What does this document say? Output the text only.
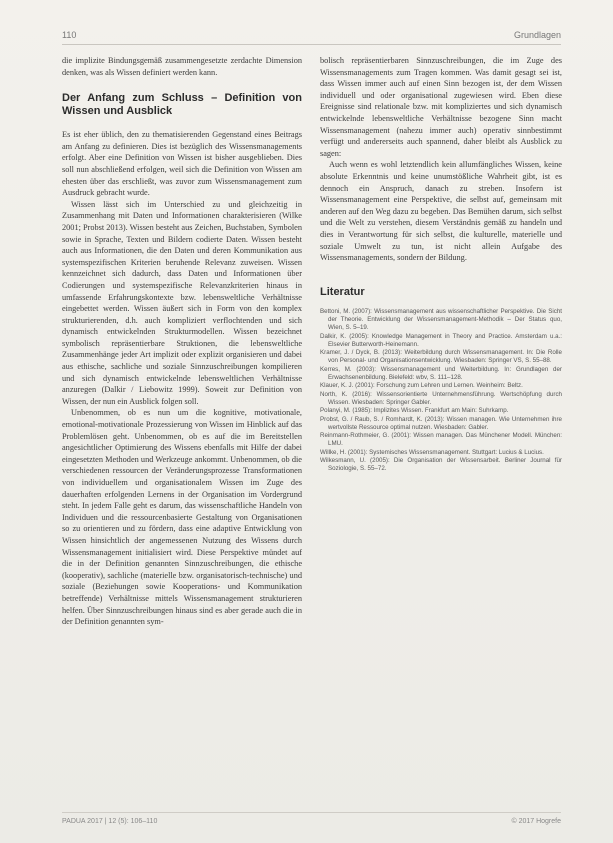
110	Grundlagen

die implizite Bindungsgemäß zusammengesetzte zerdachte Dimension denken, was als Wissen definiert werden kann.

Der Anfang zum Schluss – Definition von Wissen und Ausblick

Es ist eher üblich, den zu thematisierenden Gegenstand eines Beitrags am Anfang zu definieren. Dies ist bezüglich des Wissensmanagements erfolgt. Aber eine Definition von Wissen ist bisher ausgeblieben. Dies soll nun abschließend erfolgen, weil sich die Definition von Wissen am ehesten über das erschließt, was zuvor zum Wissensmanagement zum Ausdruck gebracht wurde.

Wissen lässt sich im Unterschied zu und gleichzeitig in Zusammenhang mit Daten und Informationen charakterisieren (Wilke 2001; Probst 2013). Wissen besteht aus Zeichen, Buchstaben, Symbolen sowie in Sprache, Texten und Bildern codierte Daten. Wissen besteht auch aus Informationen, die den Daten und deren Kommunikation aus systemspezifischen Kriterien beruhende Relevanz zuweisen. Wissen kennzeichnet sich dadurch, dass Daten und Informationen über Codierungen und systemspezifische Relevanzkriterien hinaus in umfassende Erfahrungskontexte bzw. lebensweltliche Verhältnisse eingebettet werden. Wissen äußert sich in Form von den komplex strukturierenden, d.h. auch kompliziert verflochtenden und sich dynamisch entwickelnden Strukturmodellen. Wissen bezeichnet symbolisch repräsentierbare Struktionen, die lebensweltliche Zusammenhänge jeder Art implizit oder explizit organisieren und dabei aus ethische, sachliche und soziale Sinnzuschreibungen kompilieren und sich dynamisch entwickelnde lebensweltlichen Verhältnisse anzuregen (Dalkir / Liebowitz 1999). Soweit zur Definition von Wissen, der nun ein Ausblick folgen soll.

Unbenommen, ob es nun um die kognitive, motivationale, emotional-motivationale Prozessierung von Wissen im Hinblick auf das Problemlösen geht. Unbenommen, ob es auf die im Bereitstellen angesichtlicher Optimierung des Wissens ebenfalls mit Hilfe der dabei eingesetzten Methoden und Werkzeuge ankommt. Unbenommen, ob die verschiedenen ressourcen der Veränderungsprozesse Transformationen von individuellem und organisationalem Wissen im Zuge des dauerhaften erfolgenden Lernens in der Organisation im Vordergrund steht. In jedem Falle geht es darum, das wissenschaftliche Handeln von Individuen und die ressourcenbasierte Gestaltung von Organisationen so zu orientieren und zu fördern, dass eine adaptive Entwicklung von Wissen hinsichtlich der angemessenen Nutzung des Wissens durch Wissensmanagement initialisiert wird. Diese Perspektive mündet auf die in der Definition genannten Sinnzuschreibungen, die ethische (kooperativ), sachliche (materielle bzw. organisatorisch-technische) und soziale (Beziehungen sowie Kooperations- und Kommunikation betreffende) Verhältnisse mittels Wissensmanagement strukturieren helfen. Über Sinnzuschreibungen hinaus sind es aber gerade auch die in der Definition genannten sym-

bolisch repräsentierbaren Sinnzuschreibungen, die im Zuge des Wissensmanagements zum Tragen kommen. Was damit gesagt sei ist, dass Wissen immer auch auf einen Sinn bezogen ist, der dem Wissen individuell und oder organisational zugewiesen wird. Eben diese Ereignisse sind relationale bzw. mit kompliziertes und sich dynamisch entwickelnde lebensweltliche Verhältnisse bezogene Sinn macht Wissensmanagement (nahezu immer auch) operativ sinnbestimmt verfügt und andererseits auch spannend, daher bleibt als Ausblick zu sagen:

Auch wenn es wohl letztendlich kein allumfängliches Wissen, keine absolute Erkenntnis und keine unumstößliche Wahrheit gibt, ist es dennoch ein Anspruch, danach zu streben. Insofern ist Wissensmanagement eine Perspektive, die selbst auf, gemeinsam mit anderen auf den Weg dazu zu begeben. Das Bemühen darum, sich selbst und die Welt zu verstehen, diesem Verständnis gemäß zu handeln und dies in Verantwortung für sich selbst, die kulturelle, materielle und soziale Umwelt zu tun, ist nicht allein Aufgabe des Wissensmanagements, sondern der Bildung.

Literatur

Bettoni, M. (2007): Wissensmanagement aus wissenschaftlicher Perspektive. Die Sicht der Theorie. Entwicklung der Wissensmanagement-Methodik – Der Status quo, Wien, S. 5–19.

Dalkir, K. (2005): Knowledge Management in Theory and Practice. Amsterdam u.a.: Elsevier Butterworth-Heinemann.

Kramer, J. / Dyck, B. (2013): Weiterbildung durch Wissensmanagement. In: Die Rolle von Personal- und Organisationsentwicklung. Wiesbaden: Springer VS, S. 55–88.

Kerres, M. (2003): Wissensmanagement und Weiterbildung. In: Grundlagen der Erwachsenenbildung. Bielefeld: wbv, S. 111–128.

Klauer, K. J. (2001): Forschung zum Lehren und Lernen. Weinheim: Beltz.

North, K. (2016): Wissensorientierte Unternehmensführung. Wertschöpfung durch Wissen. Wiesbaden: Springer Gabler.

Polanyi, M. (1985): Implizites Wissen. Frankfurt am Main: Suhrkamp.

Probst, G. / Raub, S. / Romhardt, K. (2013): Wissen managen. Wie Unternehmen ihre wertvollste Ressource optimal nutzen. Wiesbaden: Gabler.

Reinmann-Rothmeier, G. (2001): Wissen managen. Das Münchener Modell. München: LMU.

Willke, H. (2001): Systemisches Wissensmanagement. Stuttgart: Lucius & Lucius.

Wilkesmann, U. (2005): Die Organisation der Wissensarbeit. Berliner Journal für Soziologie, S. 55–72.

PADUA 2017 | 12 (5): 106–110	© 2017 Hogrefe
